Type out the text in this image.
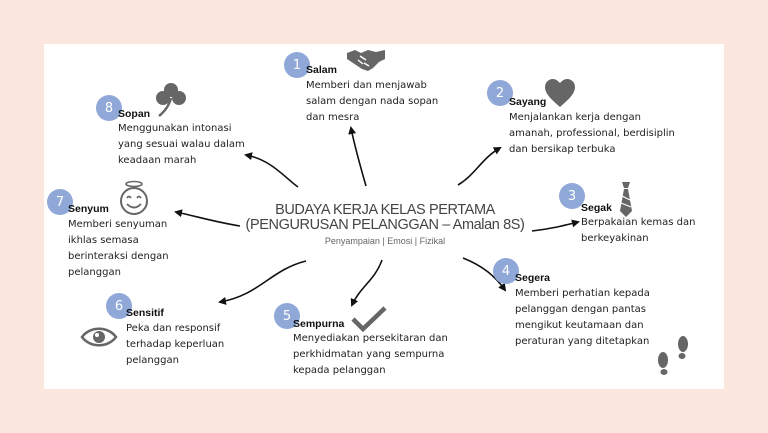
BUDAYA KERJA KELAS PERTAMA
(PENGURUSAN PELANGGAN – Amalan 8S)
Penyampaian | Emosi | Fizikal
1 Salam
Memberi dan menjawab salam dengan nada sopan dan mesra
2
Sayang
Menjalankan kerja dengan amanah, professional, berdisiplin dan bersikap terbuka
3
Segak
Berpakaian kemas dan berkeyakinan
4 Segera
Memberi perhatian kepada pelanggan dengan pantas mengikut keutamaan dan peraturan yang ditetapkan
5
Sempurna
Menyediakan persekitaran dan perkhidmatan yang sempurna kepada pelanggan
6 Sensitif
Peka dan responsif terhadap keperluan pelanggan
7 Senyum
Memberi senyuman ikhlas semasa berinteraksi dengan pelanggan
8 Sopan
Menggunakan intonasi yang sesuai walau dalam keadaan marah
